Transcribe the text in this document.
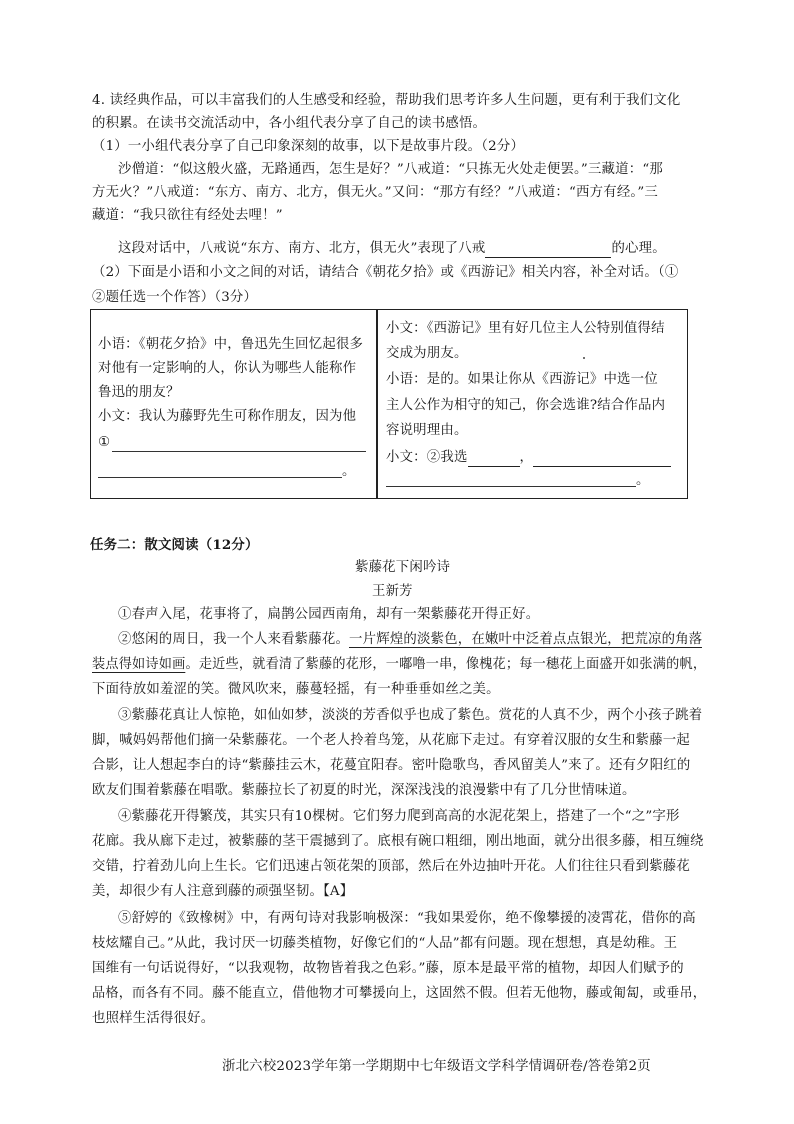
4. 读经典作品，可以丰富我们的人生感受和经验，帮助我们思考许多人生问题，更有利于我们文化
的积累。在读书交流活动中，各小组代表分享了自己的读书感悟。
（1）一小组代表分享了自己印象深刻的故事，以下是故事片段。（2分）
沙僧道：“似这般火盛，无路通西，怎生是好？”八戒道：“只拣无火处走便罢。”三藏道：“那
方无火？”八戒道：“东方、南方、北方，俱无火。”又问：“那方有经？”八戒道：“西方有经。”三
藏道：“我只欲往有经处去哩！”
这段对话中，八戒说“东方、南方、北方，俱无火”表现了八戒	的心理。
（2）下面是小语和小文之间的对话，请结合《朝花夕拾》或《西游记》相关内容，补全对话。（①
②题任选一个作答）（3分）
小语：《朝花夕拾》中，鲁迅先生回忆起很多
对他有一定影响的人，你认为哪些人能称作
鲁迅的朋友？
小文：我认为藤野先生可称作朋友，因为他
①
。
小文：《西游记》里有好几位主人公特别值得结
交成为朋友。
小语：是的。如果让你从《西游记》中选一位
主人公作为相守的知己，你会选谁?结合作品内
容说明理由。
小文：②我选	，
。
任务二：散文阅读（12分）
紫藤花下闲吟诗
王新芳
①春声入尾，花事将了，扁鹊公园西南角，却有一架紫藤花开得正好。
②悠闲的周日，我一个人来看紫藤花。一片辉煌的淡紫色，在嫩叶中泛着点点银光，把荒凉的角落
装点得如诗如画。走近些，就看清了紫藤的花形，一嘟噜一串，像槐花；每一穗花上面盛开如张满的帆，
下面待放如羞涩的笑。微风吹来，藤蔓轻摇，有一种垂垂如丝之美。
③紫藤花真让人惊艳，如仙如梦，淡淡的芳香似乎也成了紫色。赏花的人真不少，两个小孩子跳着
脚，喊妈妈帮他们摘一朵紫藤花。一个老人拎着鸟笼，从花廊下走过。有穿着汉服的女生和紫藤一起
合影，让人想起李白的诗“紫藤挂云木，花蔓宜阳春。密叶隐歌鸟，香风留美人”来了。还有夕阳红的
欧友们围着紫藤在唱歌。紫藤拉长了初夏的时光，深深浅浅的浪漫紫中有了几分世情味道。
④紫藤花开得繁茂，其实只有10棵树。它们努力爬到高高的水泥花架上，搭建了一个“之”字形
花廊。我从廊下走过，被紫藤的茎干震撼到了。底根有碗口粗细，刚出地面，就分出很多藤，相互缠绕
交错，拧着劲儿向上生长。它们迅速占领花架的顶部，然后在外边抽叶开花。人们往往只看到紫藤花
美，却很少有人注意到藤的顽强坚韧。【A】
⑤舒婷的《致橡树》中，有两句诗对我影响极深：“我如果爱你，绝不像攀援的凌霄花，借你的高
枝炫耀自己。”从此，我讨厌一切藤类植物，好像它们的“人品”都有问题。现在想想，真是幼稚。王
国维有一句话说得好，“以我观物，故物皆着我之色彩。”藤，原本是最平常的植物，却因人们赋予的
品格，而各有不同。藤不能直立，借他物才可攀援向上，这固然不假。但若无他物，藤或匍匐，或垂吊，
也照样生活得很好。
浙北六校2023学年第一学期期中七年级语文学科学情调研卷/答卷第2页
